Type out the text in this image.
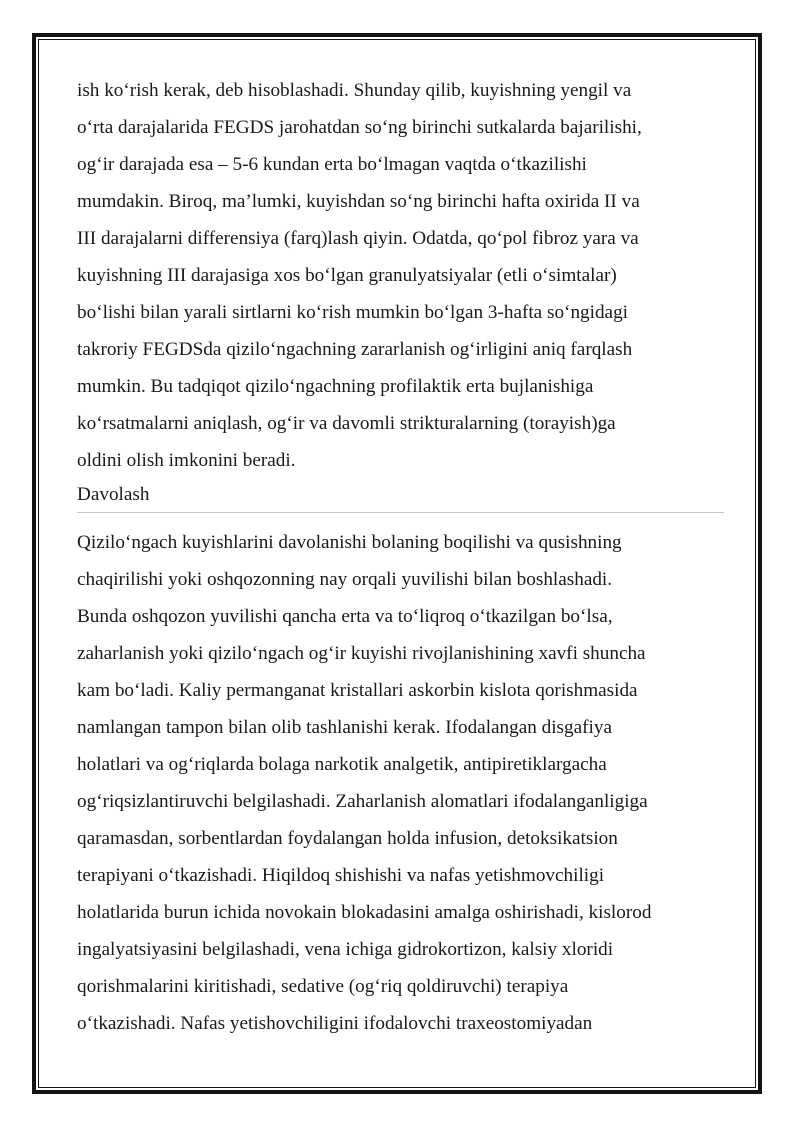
ish ko‘rish kerak, deb hisoblashadi. Shunday qilib, kuyishning yengil va
o‘rta darajalarida FEGDS jarohatdan so‘ng birinchi sutkalarda bajarilishi,
og‘ir darajada esa – 5-6 kundan erta bo‘lmagan vaqtda o‘tkazilishi
mumdakin. Biroq, ma’lumki, kuyishdan so‘ng birinchi hafta oxirida II va
III darajalarni differensiya (farq)lash qiyin. Odatda, qo‘pol fibroz yara va
kuyishning III darajasiga xos bo‘lgan granulyatsiyalar (etli o‘simtalar)
bo‘lishi bilan yarali sirtlarni ko‘rish mumkin bo‘lgan 3-hafta so‘ngidagi
takroriy FEGDSda qizilo‘ngachning zararlanish og‘irligini aniq farqlash
mumkin. Bu tadqiqot qizilo‘ngachning profilaktik erta bujlanishiga
ko‘rsatmalarni aniqlash, og‘ir va davomli strikturalarning (torayish)ga
oldini olish imkonini beradi.

Davolash

Qizilo‘ngach kuyishlarini davolanishi bolaning boqilishi va qusishning
chaqirilishi yoki oshqozonning nay orqali yuvilishi bilan boshlashadi.
Bunda oshqozon yuvilishi qancha erta va to‘liqroq o‘tkazilgan bo‘lsa,
zaharlanish yoki qizilo‘ngach og‘ir kuyishi rivojlanishining xavfi shuncha
kam bo‘ladi. Kaliy permanganat kristallari askorbin kislota qorishmasida
namlangan tampon bilan olib tashlanishi kerak. Ifodalangan disgafiya
holatlari va og‘riqlarda bolaga narkotik analgetik, antipiretiklargacha
og‘riqsizlantiruvchi belgilashadi. Zaharlanish alomatlari ifodalanganligiga
qaramasdan, sorbentlardan foydalangan holda infusion, detoksikatsion
terapiyani o‘tkazishadi. Hiqildoq shishishi va nafas yetishmovchiligi
holatlarida burun ichida novokain blokadasini amalga oshirishadi, kislorod
ingalyatsiyasini belgilashadi, vena ichiga gidrokortizon, kalsiy xloridi
qorishmalarini kiritishadi, sedative (og‘riq qoldiruvchi) terapiya
o‘tkazishadi. Nafas yetishovchiligini ifodalovchi traxeostomiyadan
